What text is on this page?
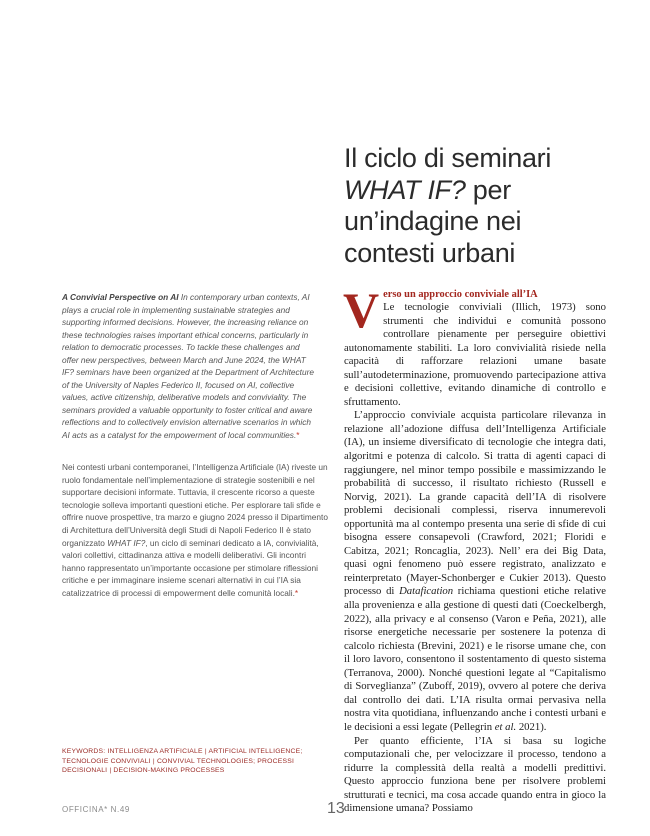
Il ciclo di seminari
WHAT IF? per
un’indagine nei
contesti urbani

A Convivial Perspective on AI In contemporary urban contexts, AI plays a crucial role in implementing sustainable strategies and supporting informed decisions. However, the increasing reliance on these technologies raises important ethical concerns, particularly in relation to democratic processes. To tackle these challenges and offer new perspectives, between March and June 2024, the WHAT IF? seminars have been organized at the Department of Architecture of the University of Naples Federico II, focused on AI, collective values, active citizenship, deliberative models and conviviality. The seminars provided a valuable opportunity to foster critical and aware reflections and to collectively envision alternative scenarios in which AI acts as a catalyst for the empowerment of local communities.*

Nei contesti urbani contemporanei, l’Intelligenza Artificiale (IA) riveste un ruolo fondamentale nell’implementazione di strategie sostenibili e nel supportare decisioni informate. Tuttavia, il crescente ricorso a queste tecnologie solleva importanti questioni etiche. Per esplorare tali sfide e offrire nuove prospettive, tra marzo e giugno 2024 presso il Dipartimento di Architettura dell’Università degli Studi di Napoli Federico II è stato organizzato WHAT IF?, un ciclo di seminari dedicato a IA, convivialità, valori collettivi, cittadinanza attiva e modelli deliberativi. Gli incontri hanno rappresentato un’importante occasione per stimolare riflessioni critiche e per immaginare insieme scenari alternativi in cui l’IA sia catalizzatrice di processi di empowerment delle comunità locali.*

KEYWORDS: INTELLIGENZA ARTIFICIALE | ARTIFICIAL INTELLIGENCE; TECNOLOGIE CONVIVIALI | CONVIVIAL TECHNOLOGIES; PROCESSI DECISIONALI | DECISION-MAKING PROCESSES

V erso un approccio conviviale all’IA

Le tecnologie conviviali (Illich, 1973) sono strumenti che individui e comunità possono controllare pienamente per perseguire obiettivi autonomamente stabiliti. La loro convivialità risiede nella capacità di rafforzare relazioni umane basate sull’autodeterminazione, promuovendo partecipazione attiva e decisioni collettive, evitando dinamiche di controllo e sfruttamento.

L’approccio conviviale acquista particolare rilevanza in relazione all’adozione diffusa dell’Intelligenza Artificiale (IA), un insieme diversificato di tecnologie che integra dati, algoritmi e potenza di calcolo. Si tratta di agenti capaci di raggiungere, nel minor tempo possibile e massimizzando le probabilità di successo, il risultato richiesto (Russell e Norvig, 2021). La grande capacità dell’IA di risolvere problemi decisionali complessi, riserva innumerevoli opportunità ma al contempo presenta una serie di sfide di cui bisogna essere consapevoli (Crawford, 2021; Floridi e Cabitza, 2021; Roncaglia, 2023). Nell’ era dei Big Data, quasi ogni fenomeno può essere registrato, analizzato e reinterpretato (Mayer-Schonberger e Cukier 2013). Questo processo di Datafication richiama questioni etiche relative alla provenienza e alla gestione di questi dati (Coeckelbergh, 2022), alla privacy e al consenso (Varon e Peña, 2021), alle risorse energetiche necessarie per sostenere la potenza di calcolo richiesta (Brevini, 2021) e le risorse umane che, con il loro lavoro, consentono il sostentamento di questo sistema (Terranova, 2000). Nonché questioni legate al “Capitalismo di Sorveglianza” (Zuboff, 2019), ovvero al potere che deriva dal controllo dei dati. L’IA risulta ormai pervasiva nella nostra vita quotidiana, influenzando anche i contesti urbani e le decisioni a essi legate (Pellegrin et al. 2021).

Per quanto efficiente, l’IA si basa su logiche computazionali che, per velocizzare il processo, tendono a ridurre la complessità della realtà a modelli predittivi. Questo approccio funziona bene per risolvere problemi strutturati e tecnici, ma cosa accade quando entra in gioco la dimensione umana? Possiamo

OFFICINA* N.49	13
